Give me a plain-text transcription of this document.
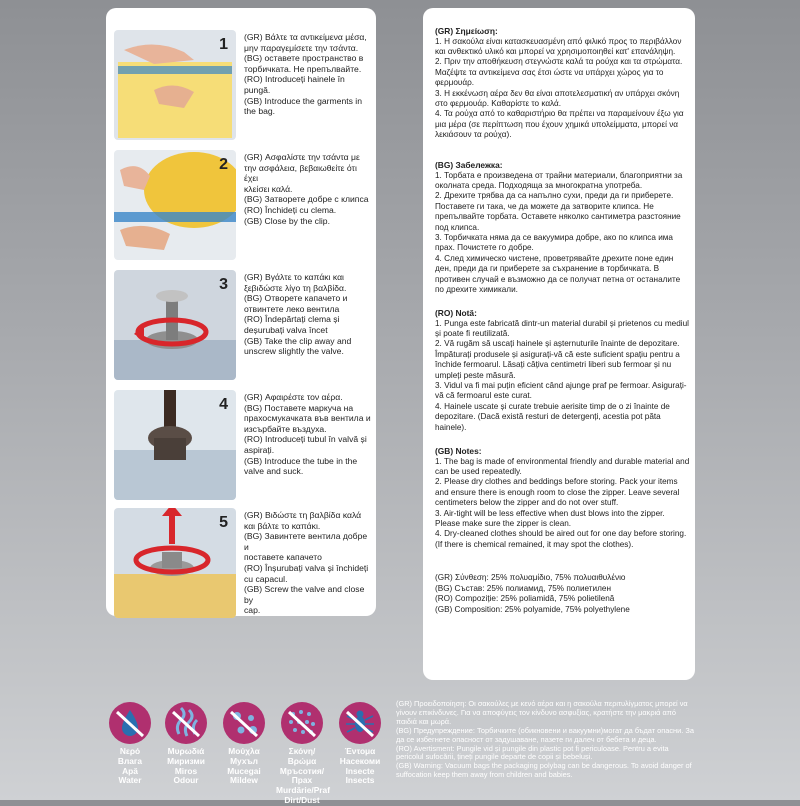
1 (GR) Βάλτε τα αντικείμενα μέσα,
μην παραγεμίσετε την τσάντα.
(BG) оставете пространство в
торбичката. Не препълвайте.
(RO) Introduceți hainele în pungă.
(GB) Introduce the garments in
the bag.
2 (GR) Ασφαλίστε την τσάντα με
την ασφάλεια, βεβαιωθείτε ότι έχει
κλείσει καλά.
(BG) Затворете добре с клипса
(RO) Închideți cu clema.
(GB) Close by the clip.
3 (GR) Βγάλτε το καπάκι και
ξεβιδώστε λίγο τη βαλβίδα.
(BG) Отворете капачето и
отвинтете леко вентила
(RO) Îndepărtați clema și
deșurubați valva încet
(GB) Take the clip away and
unscrew slightly the valve.
4 (GR) Αφαιρέστε τον αέρα.
(BG) Поставете маркуча на
прахосмукачката във вентила и
изсърбайте въздуха.
(RO) Introduceți tubul în valvă și
aspirați.
(GB) Introduce the tube in the
valve and suck.
5 (GR) Βιδώστε τη βαλβίδα καλά
και βάλτε το καπάκι.
(BG) Завинтете вентила добре и
поставете капачето
(RO) Înșurubați valva și închideți
cu capacul.
(GB) Screw the valve and close by
cap.
(GR) Σημείωση:
1. Η σακούλα είναι κατασκευασμένη από φιλικό προς το περιβάλλον και ανθεκτικό υλικό και μπορεί να χρησιμοποιηθεί κατ' επανάληψη.
2. Πριν την αποθήκευση στεγνώστε καλά τα ρούχα και τα στρώματα. Μαζέψτε τα αντικείμενα σας έτσι ώστε να υπάρχει χώρος για το φερμουάρ.
3. Η εκκένωση αέρα δεν θα είναι αποτελεσματική αν υπάρχει σκόνη στο φερμουάρ. Καθαρίστε το καλά.
4. Τα ρούχα από το καθαριστήριο θα πρέπει να παραμείνουν έξω για μια μέρα (σε περίπτωση που έχουν χημικά υπολείμματα, μπορεί να λεκιάσουν τα ρούχα).
(BG) Забележка:
1. Торбата е произведена от трайни материали, благоприятни за околната среда. Подходяща за многократна употреба.
2. Дрехите трябва да са напълно сухи, преди да ги приберете. Поставете ги така, че да можете да затворите клипса. Не препълвайте торбата. Оставете няколко сантиметра разстояние под клипса.
3. Торбичката няма да се вакуумира добре, ако по клипса има прах. Почистете го добре.
4. След химическо чистене, проветрявайте дрехите поне един ден, преди да ги приберете за съхранение в торбичката. В противен случай е възможно да се получат петна от останалите по дрехите химикали.
(RO) Notă:
1. Punga este fabricată dintr-un material durabil și prietenos cu mediul și poate fi reutilizată.
2. Vă rugăm să uscați hainele și așternuturile înainte de depozitare. Împăturați produsele și asigurați-vă că este suficient spațiu pentru a închide fermoarul. Lăsați câțiva centimetri liberi sub fermoar și nu umpleți peste măsură.
3. Vidul va fi mai puțin eficient când ajunge praf pe fermoar. Asigurați-vă că fermoarul este curat.
4. Hainele uscate și curate trebuie aerisite timp de o zi înainte de depozitare. (Dacă există resturi de detergenți, acestia pot păta hainele).
(GB) Notes:
1. The bag is made of environmental friendly and durable material and can be used repeatedly.
2. Please dry clothes and beddings before storing. Pack your items and ensure there is enough room to close the zipper. Leave several centimeters below the zipper and do not over stuff.
3. Air-tight will be less effective when dust blows into the zipper. Please make sure the zipper is clean.
4. Dry-cleaned clothes should be aired out for one day before storing. (If there is chemical remained, it may spot the clothes).
(GR) Σύνθεση: 25% πολυαμίδιο, 75% πολυαιθυλένιο
(BG) Състав: 25% полиамид, 75% полиетилен
(RO) Compoziție: 25% poliamidă, 75% polietilenă
(GB) Composition: 25% polyamide, 75% polyethylene
Νερό
Влага
Apă
Water
Μυρωδιά
Миризми
Miros
Odour
Μούχλα
Мухъл
Mucegai
Mildew
Σκόνη/Βρώμα
Мръсотия/Прах
Murdărie/Praf
Dirt/Dust
Έντομα
Насекоми
Insecte
Insects
(GR) Προειδοποίηση: Οι σακούλες με κενό αέρα και η σακούλα περιτυλίγματος μπορεί να γίνουν επικίνδυνες. Για να αποφύγεις τον κίνδυνο ασφυξίας, κρατήστε την μακριά από παιδιά και μωρά.
(BG) Предупреждение: Торбичките (обикновени и вакуумни)могат да бъдат опасни. За да се избегнете опасност от задушаване, пазете ги далеч от бебета и деца.
(RO) Avertisment: Pungile vid și pungile din plastic pot fi periculoase. Pentru a evita pericolul sufocării, țineți pungile departe de copii și bebeluși.
(GB) Warning: Vacuum bags the packaging polybag can be dangerous. To avoid danger of suffocation keep them away from children and babies.
